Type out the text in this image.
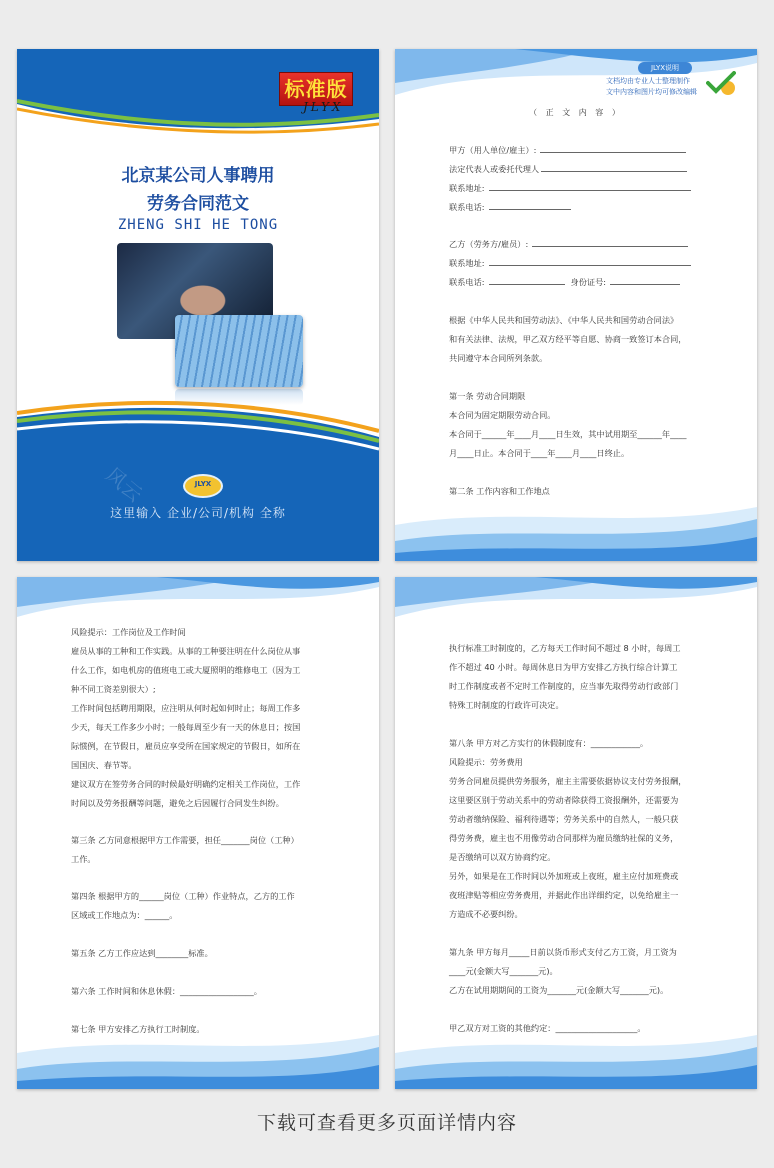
标准版
JLYX
北京某公司人事聘用
劳务合同范文
ZHENG SHI HE TONG
风云	JLYX
这里输入 企业/公司/机构 全称
JLYX说明
文档均由专业人士整理制作
文中内容和图片均可修改编辑
（ 正 文 内 容 ）
甲方（用人单位/雇主）:
法定代表人或委托代理人
联系地址:
联系电话:
乙方（劳务方/雇员）:
联系地址:
联系电话:	身份证号:
根据《中华人民共和国劳动法》、《中华人民共和国劳动合同法》
和有关法律、法规，甲乙双方经平等自愿、协商一致签订本合同，
共同遵守本合同所列条款。
第一条 劳动合同期限
本合同为固定期限劳动合同。
本合同于______年____月____日生效，其中试用期至______年____
月____日止。本合同于____年____月____日终止。
第二条 工作内容和工作地点
风险提示：工作岗位及工作时间
雇员从事的工种和工作实践。从事的工种要注明在什么岗位从事
什么工作，如电机房的值班电工或大厦照明的维修电工（因为工
种不同工资差别很大）;
工作时间包括聘用期限，应注明从何时起如何时止；每周工作多
少天，每天工作多少小时；一般每周至少有一天的休息日；按国
际惯例，在节假日，雇员应享受所在国家规定的节假日，如所在
国国庆、春节等。
建议双方在签劳务合同的时候最好明确约定相关工作岗位，工作
时间以及劳务报酬等问题，避免之后因履行合同发生纠纷。
第三条 乙方同意根据甲方工作需要，担任_______岗位（工种）
工作。
第四条 根据甲方的______岗位（工种）作业特点，乙方的工作
区域或工作地点为：______。
第五条 乙方工作应达到________标准。
第六条 工作时间和休息休假：__________________。
第七条 甲方安排乙方执行工时制度。
执行标准工时制度的，乙方每天工作时间不超过 8 小时，每周工
作不超过 40 小时。每周休息日为甲方安排乙方执行综合计算工
时工作制度或者不定时工作制度的，应当事先取得劳动行政部门
特殊工时制度的行政许可决定。
第八条 甲方对乙方实行的休假制度有：____________。
风险提示：劳务费用
劳务合同雇员提供劳务服务，雇主主需要依据协议支付劳务报酬，
这里要区别于劳动关系中的劳动者除获得工资报酬外，还需要为
劳动者缴纳保险、福利待遇等；劳务关系中的自然人，一般只获
得劳务费，雇主也不用像劳动合同那样为雇员缴纳社保的义务，
是否缴纳可以双方协商约定。
另外，如果是在工作时间以外加班或上夜班，雇主应付加班费或
夜班津贴等相应劳务费用，并据此作出详细约定，以免给雇主一
方造成不必要纠纷。
第九条 甲方每月_____日前以货币形式支付乙方工资，月工资为
____元(金额大写_______元)。
乙方在试用期期间的工资为_______元(金额大写_______元)。
甲乙双方对工资的其他约定：____________________。
下载可查看更多页面详情内容
